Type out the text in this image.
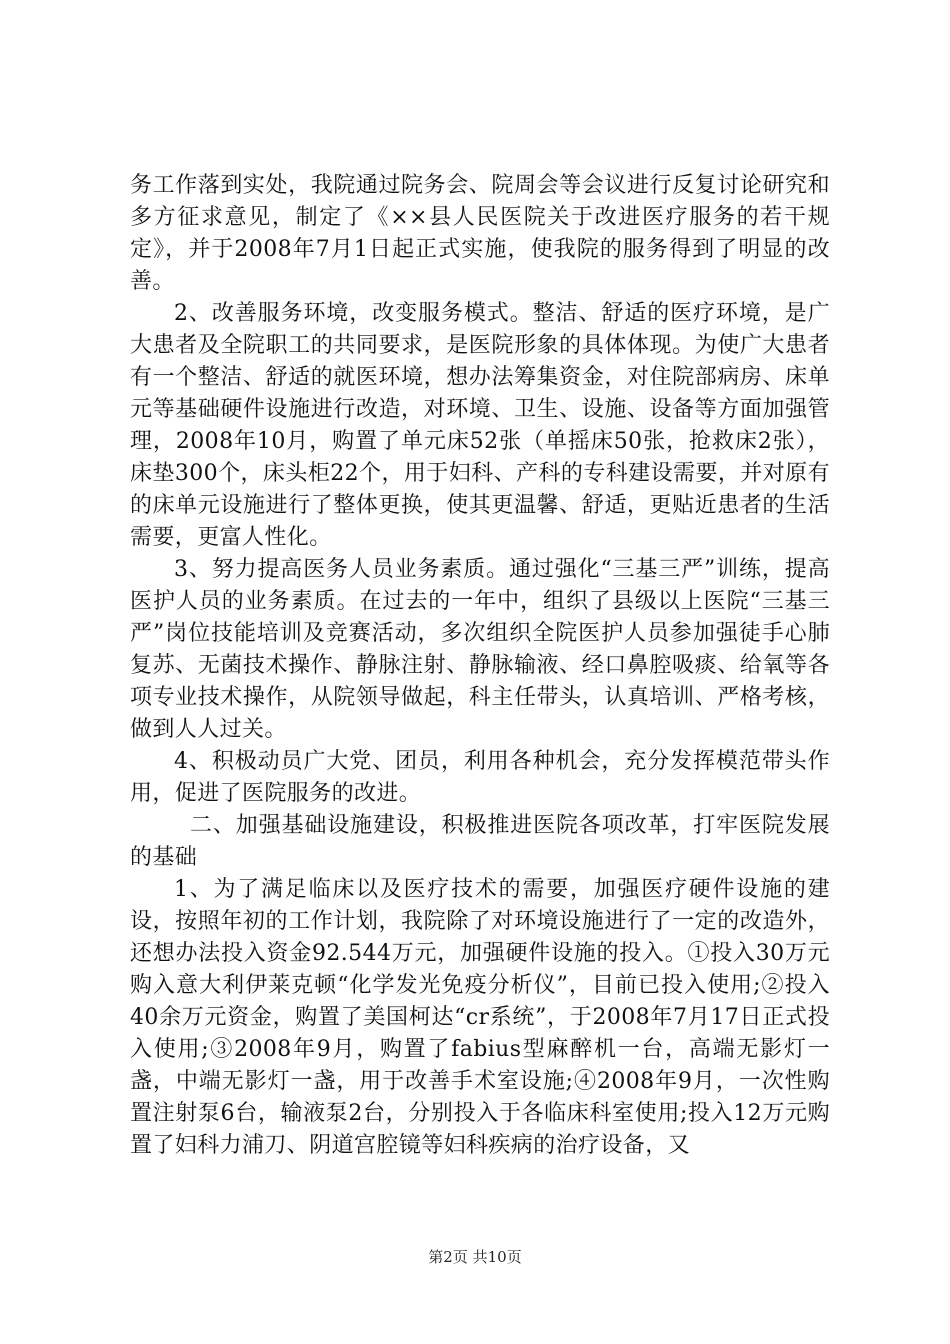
务工作落到实处，我院通过院务会、院周会等会议进行反复讨论研究和多方征求意见，制定了《××县人民医院关于改进医疗服务的若干规定》，并于2008年7月1日起正式实施，使我院的服务得到了明显的改善。

2、改善服务环境，改变服务模式。整洁、舒适的医疗环境，是广大患者及全院职工的共同要求，是医院形象的具体体现。为使广大患者有一个整洁、舒适的就医环境，想办法筹集资金，对住院部病房、床单元等基础硬件设施进行改造，对环境、卫生、设施、设备等方面加强管理，2008年10月，购置了单元床52张（单摇床50张，抢救床2张），床垫300个，床头柜22个，用于妇科、产科的专科建设需要，并对原有的床单元设施进行了整体更换，使其更温馨、舒适，更贴近患者的生活需要，更富人性化。

3、努力提高医务人员业务素质。通过强化“三基三严”训练，提高医护人员的业务素质。在过去的一年中，组织了县级以上医院“三基三严”岗位技能培训及竞赛活动，多次组织全院医护人员参加强徒手心肺复苏、无菌技术操作、静脉注射、静脉输液、经口鼻腔吸痰、给氧等各项专业技术操作，从院领导做起，科主任带头，认真培训、严格考核，做到人人过关。

4、积极动员广大党、团员，利用各种机会，充分发挥模范带头作用，促进了医院服务的改进。

二、加强基础设施建设，积极推进医院各项改革，打牢医院发展的基础

1、为了满足临床以及医疗技术的需要，加强医疗硬件设施的建设，按照年初的工作计划，我院除了对环境设施进行了一定的改造外，还想办法投入资金92.544万元，加强硬件设施的投入。①投入30万元购入意大利伊莱克顿“化学发光免疫分析仪”，目前已投入使用;②投入40余万元资金，购置了美国柯达“cr系统”，于2008年7月17日正式投入使用;③2008年9月，购置了fabius型麻醉机一台，高端无影灯一盏，中端无影灯一盏，用于改善手术室设施;④2008年9月，一次性购置注射泵6台，输液泵2台，分别投入于各临床科室使用;投入12万元购置了妇科力浦刀、阴道宫腔镜等妇科疾病的治疗设备，又

第2页 共10页
